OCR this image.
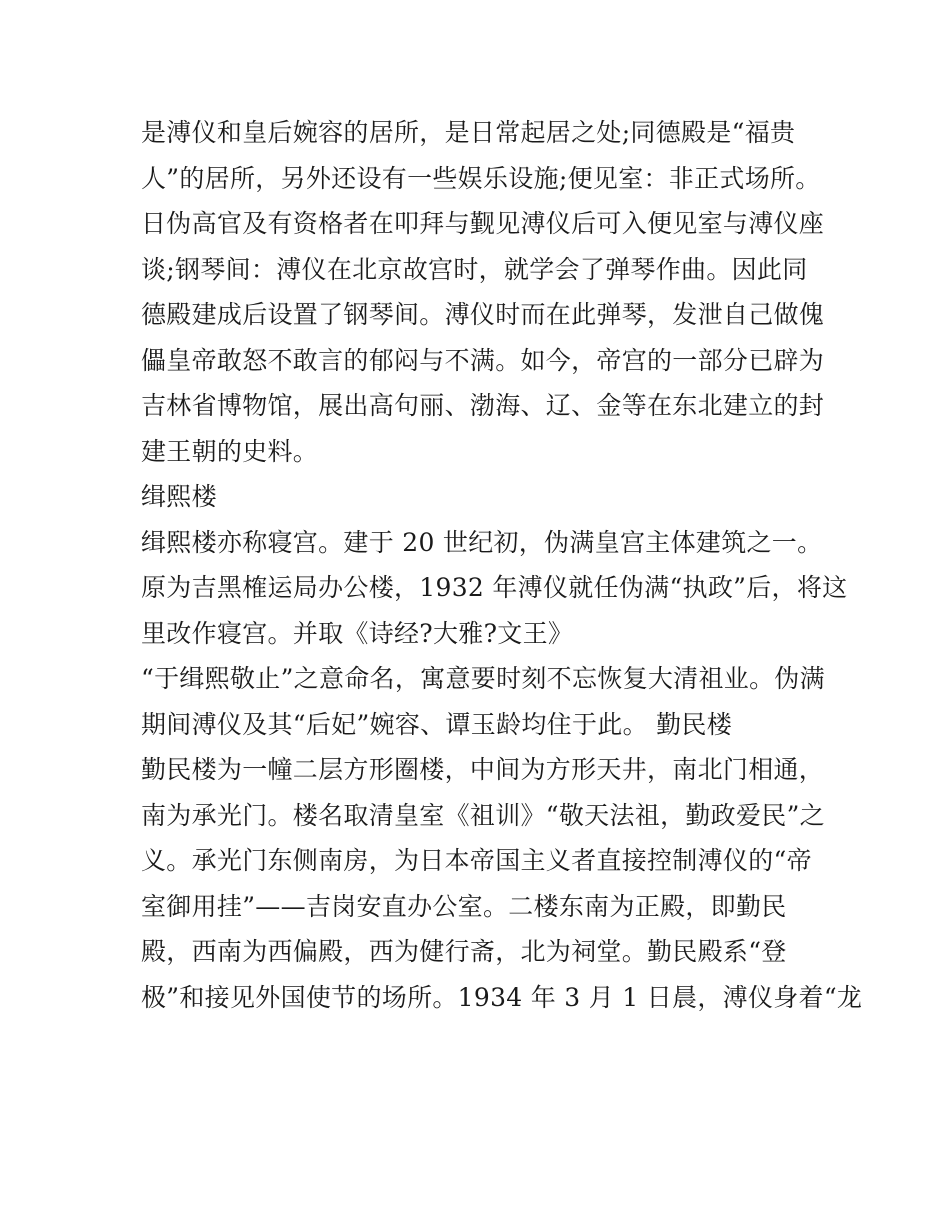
是溥仪和皇后婉容的居所，是日常起居之处;同德殿是“福贵
人”的居所，另外还设有一些娱乐设施;便见室：非正式场所。
日伪高官及有资格者在叩拜与觐见溥仪后可入便见室与溥仪座
谈;钢琴间：溥仪在北京故宫时，就学会了弹琴作曲。因此同
德殿建成后设置了钢琴间。溥仪时而在此弹琴，发泄自己做傀
儡皇帝敢怒不敢言的郁闷与不满。如今，帝宫的一部分已辟为
吉林省博物馆，展出高句丽、渤海、辽、金等在东北建立的封
建王朝的史料。
缉熙楼
缉熙楼亦称寝宫。建于 20 世纪初，伪满皇宫主体建筑之一。
原为吉黑榷运局办公楼，1932 年溥仪就任伪满“执政”后，将这
里改作寝宫。并取《诗经?大雅?文王》
“于缉熙敬止”之意命名，寓意要时刻不忘恢复大清祖业。伪满
期间溥仪及其“后妃”婉容、谭玉龄均住于此。 勤民楼
勤民楼为一幢二层方形圈楼，中间为方形天井，南北门相通，
南为承光门。楼名取清皇室《祖训》“敬天法祖，勤政爱民”之
义。承光门东侧南房，为日本帝国主义者直接控制溥仪的“帝
室御用挂”——吉岗安直办公室。二楼东南为正殿，即勤民
殿，西南为西偏殿，西为健行斋，北为祠堂。勤民殿系“登
极”和接见外国使节的场所。1934 年 3 月 1 日晨，溥仪身着“龙
